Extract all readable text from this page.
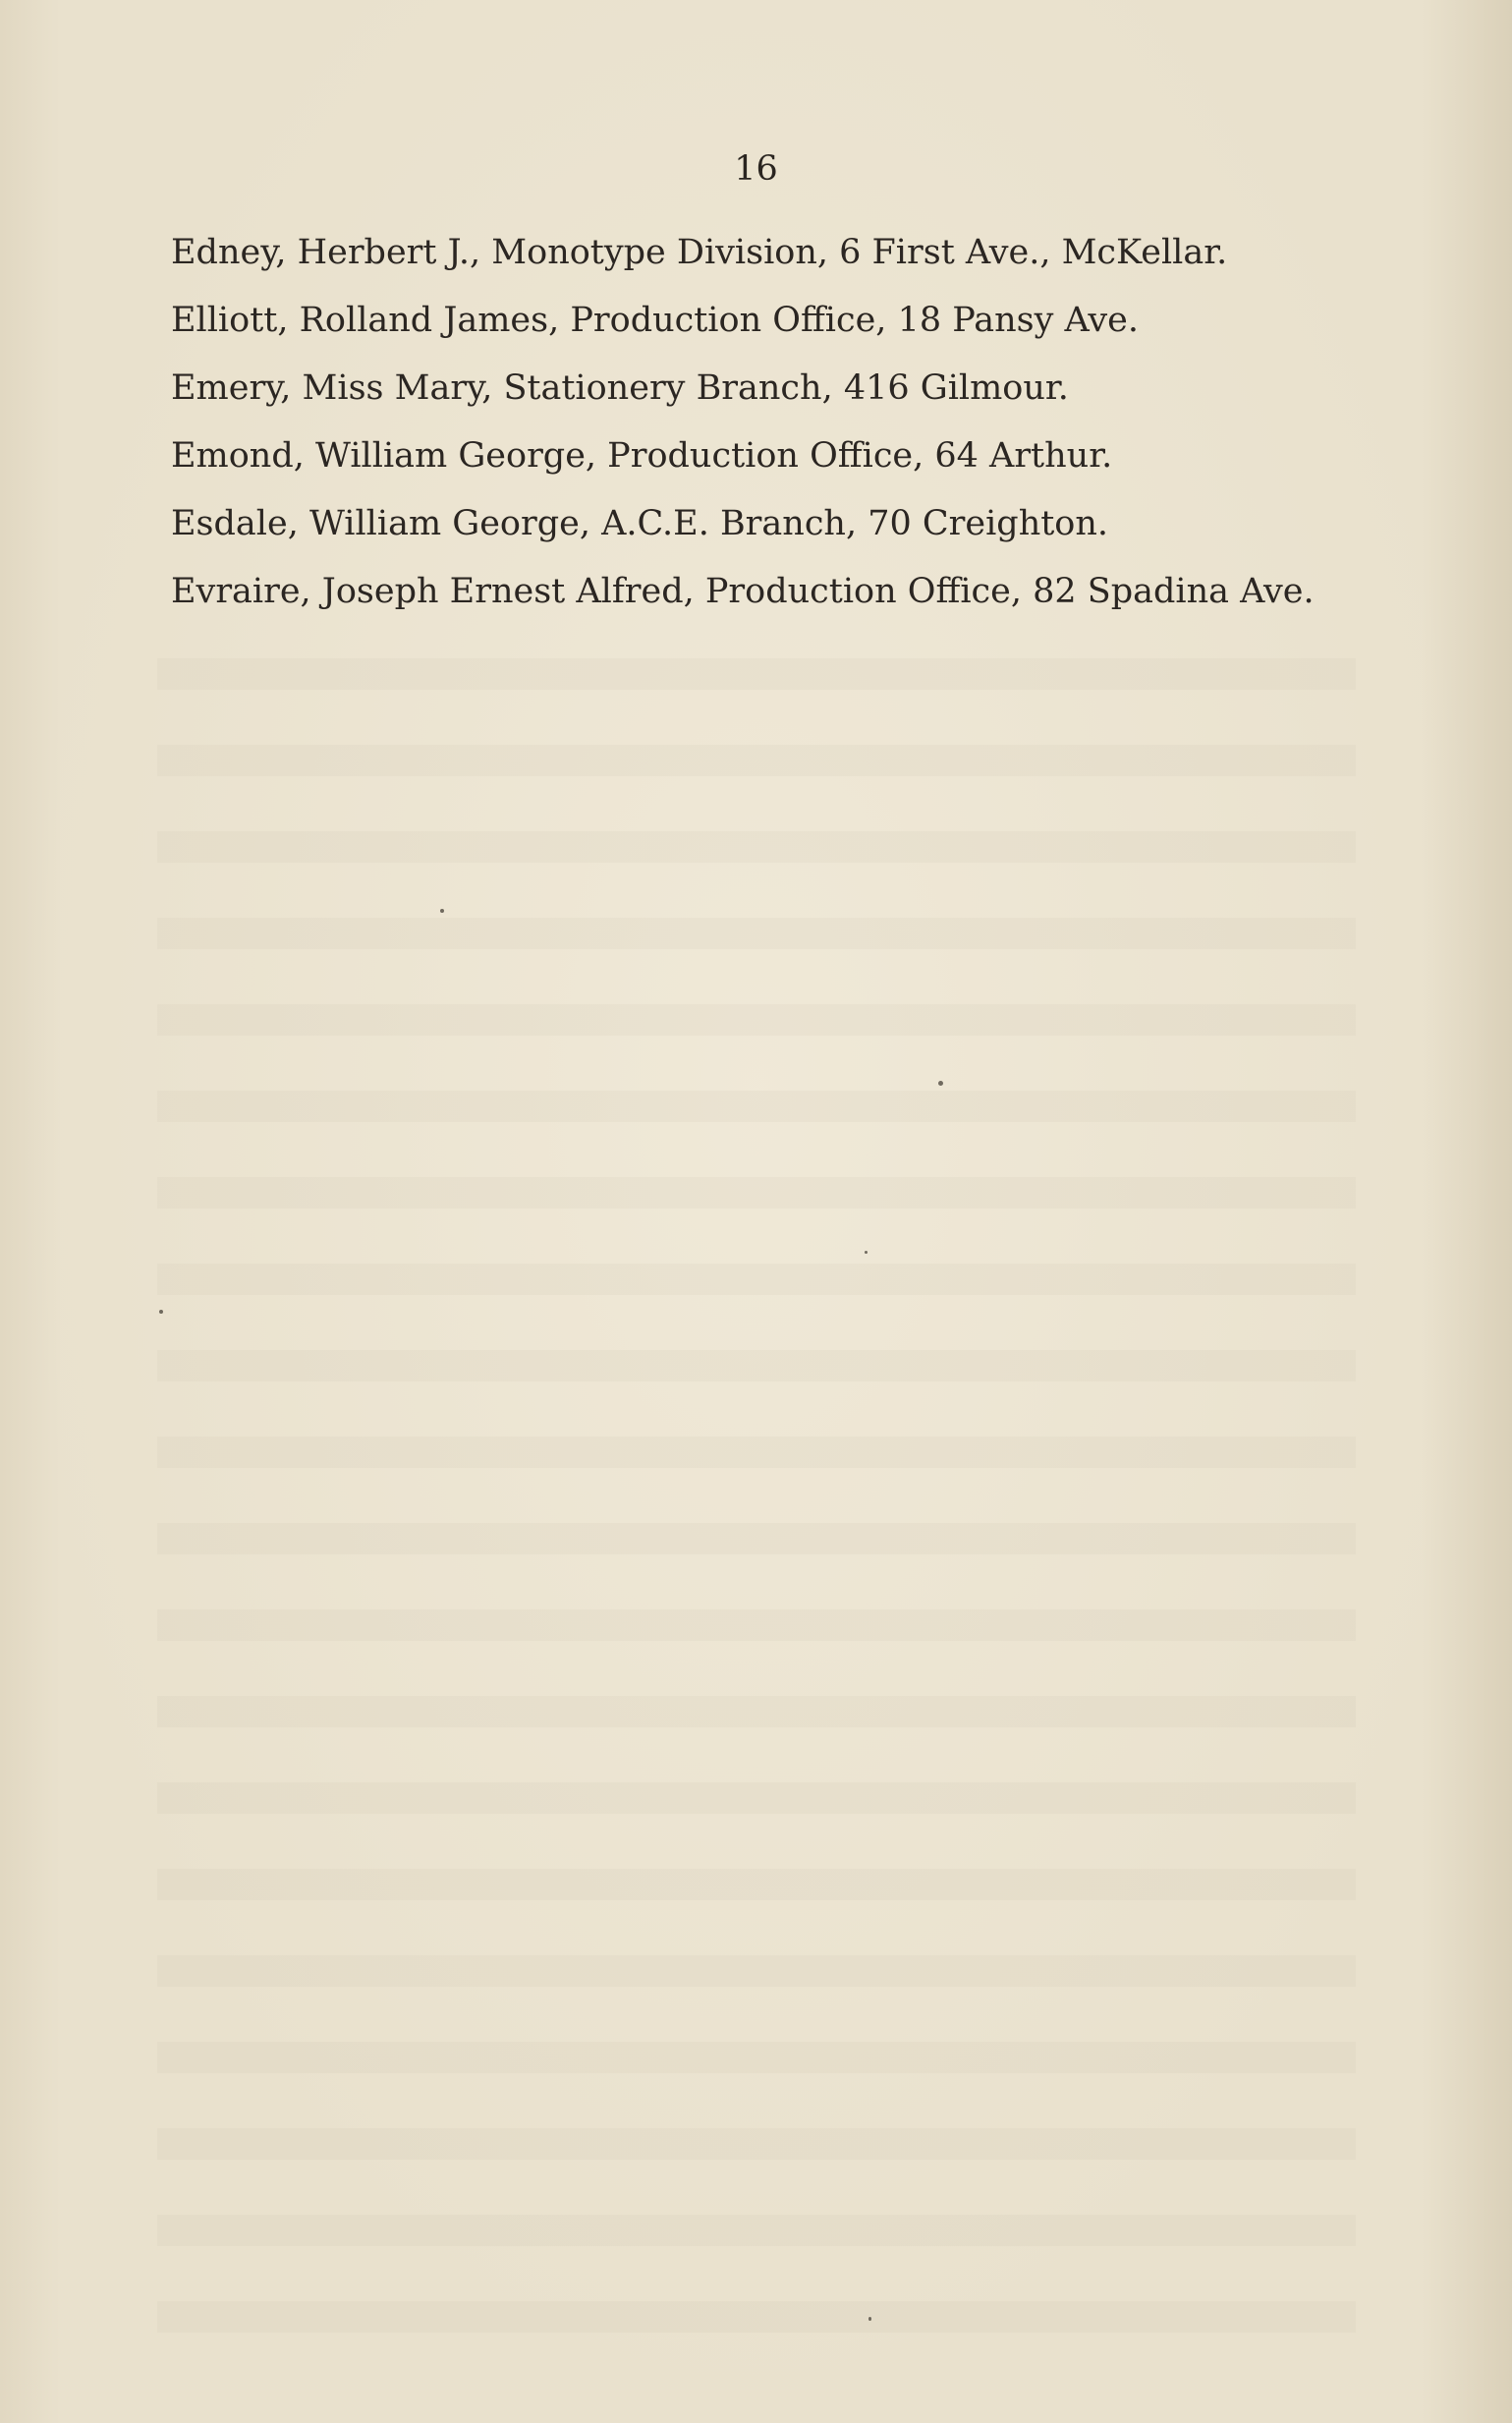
16
Edney, Herbert J., Monotype Division, 6 First Ave., McKellar.
Elliott, Rolland James, Production Office, 18 Pansy Ave.
Emery, Miss Mary, Stationery Branch, 416 Gilmour.
Emond, William George, Production Office, 64 Arthur.
Esdale, William George, A.C.E. Branch, 70 Creighton.
Evraire, Joseph Ernest Alfred, Production Office, 82 Spadina Ave.
